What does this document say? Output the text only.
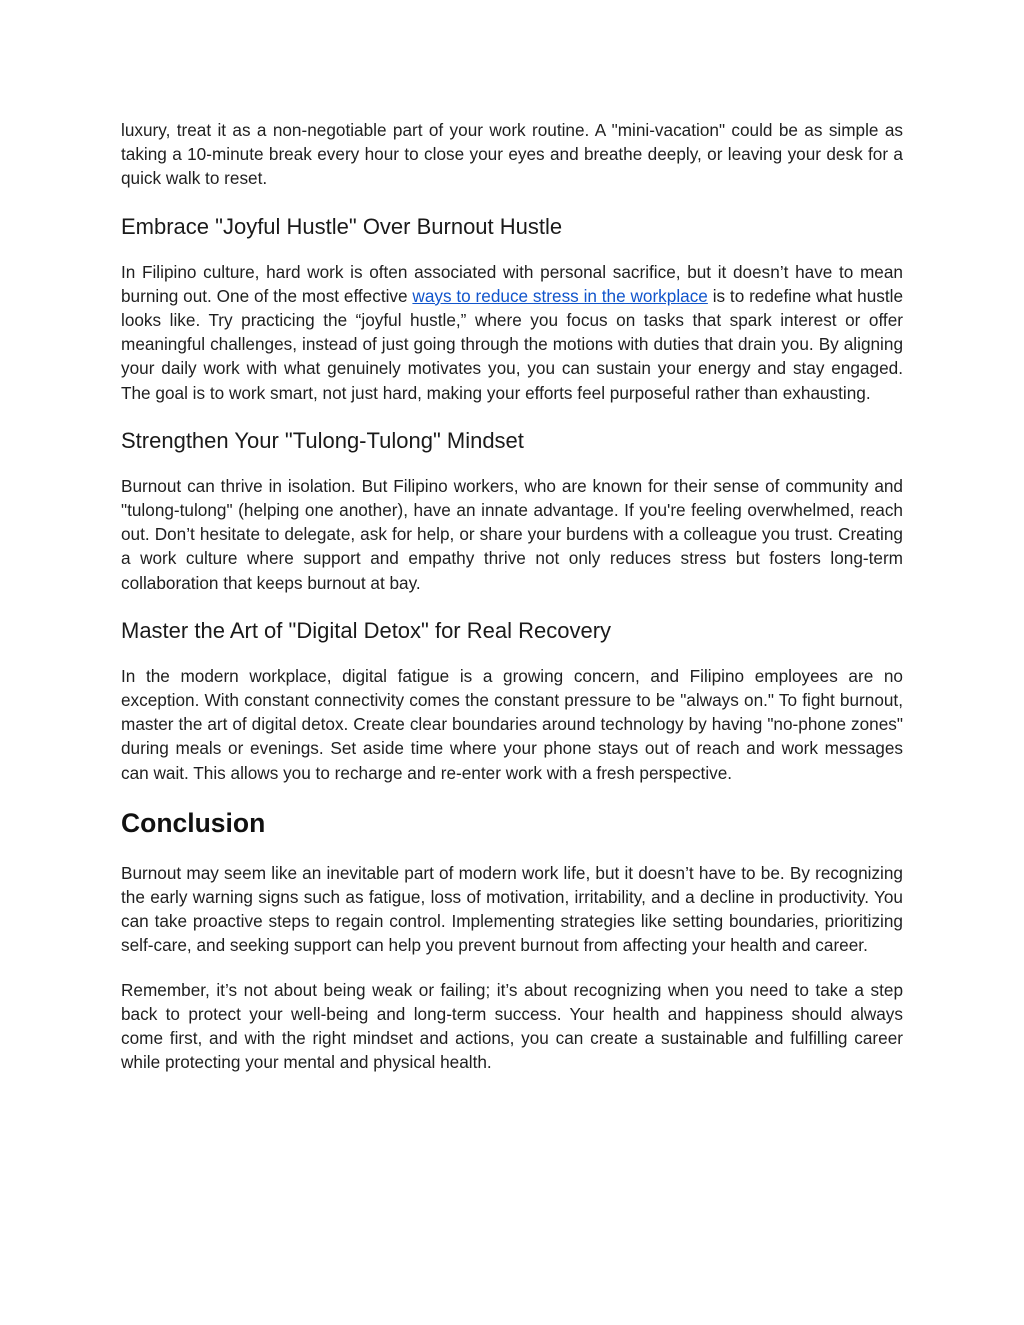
luxury, treat it as a non-negotiable part of your work routine. A "mini-vacation" could be as simple as taking a 10-minute break every hour to close your eyes and breathe deeply, or leaving your desk for a quick walk to reset.

Embrace "Joyful Hustle" Over Burnout Hustle

In Filipino culture, hard work is often associated with personal sacrifice, but it doesn’t have to mean burning out. One of the most effective ways to reduce stress in the workplace is to redefine what hustle looks like. Try practicing the “joyful hustle,” where you focus on tasks that spark interest or offer meaningful challenges, instead of just going through the motions with duties that drain you. By aligning your daily work with what genuinely motivates you, you can sustain your energy and stay engaged. The goal is to work smart, not just hard, making your efforts feel purposeful rather than exhausting.

Strengthen Your "Tulong-Tulong" Mindset

Burnout can thrive in isolation. But Filipino workers, who are known for their sense of community and "tulong-tulong" (helping one another), have an innate advantage. If you're feeling overwhelmed, reach out. Don’t hesitate to delegate, ask for help, or share your burdens with a colleague you trust. Creating a work culture where support and empathy thrive not only reduces stress but fosters long-term collaboration that keeps burnout at bay.

Master the Art of "Digital Detox" for Real Recovery

In the modern workplace, digital fatigue is a growing concern, and Filipino employees are no exception. With constant connectivity comes the constant pressure to be "always on." To fight burnout, master the art of digital detox. Create clear boundaries around technology by having "no-phone zones" during meals or evenings. Set aside time where your phone stays out of reach and work messages can wait. This allows you to recharge and re-enter work with a fresh perspective.

Conclusion

Burnout may seem like an inevitable part of modern work life, but it doesn’t have to be. By recognizing the early warning signs such as fatigue, loss of motivation, irritability, and a decline in productivity. You can take proactive steps to regain control. Implementing strategies like setting boundaries, prioritizing self-care, and seeking support can help you prevent burnout from affecting your health and career.

Remember, it’s not about being weak or failing; it’s about recognizing when you need to take a step back to protect your well-being and long-term success. Your health and happiness should always come first, and with the right mindset and actions, you can create a sustainable and fulfilling career while protecting your mental and physical health.
